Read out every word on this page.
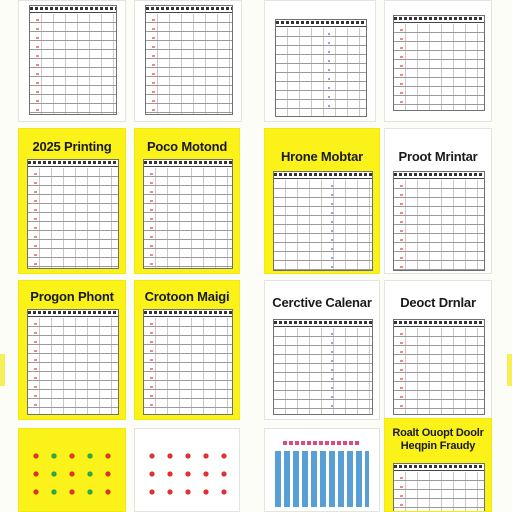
2025 Printing	Poco Motond
Hrone Mobtar	Proot Mrintar
Progon Phont	Crotoon Maigi	Cerctive Calenar	Deoct Drnlar
Roalt Ouopt Doolr Heqpin Fraudy
